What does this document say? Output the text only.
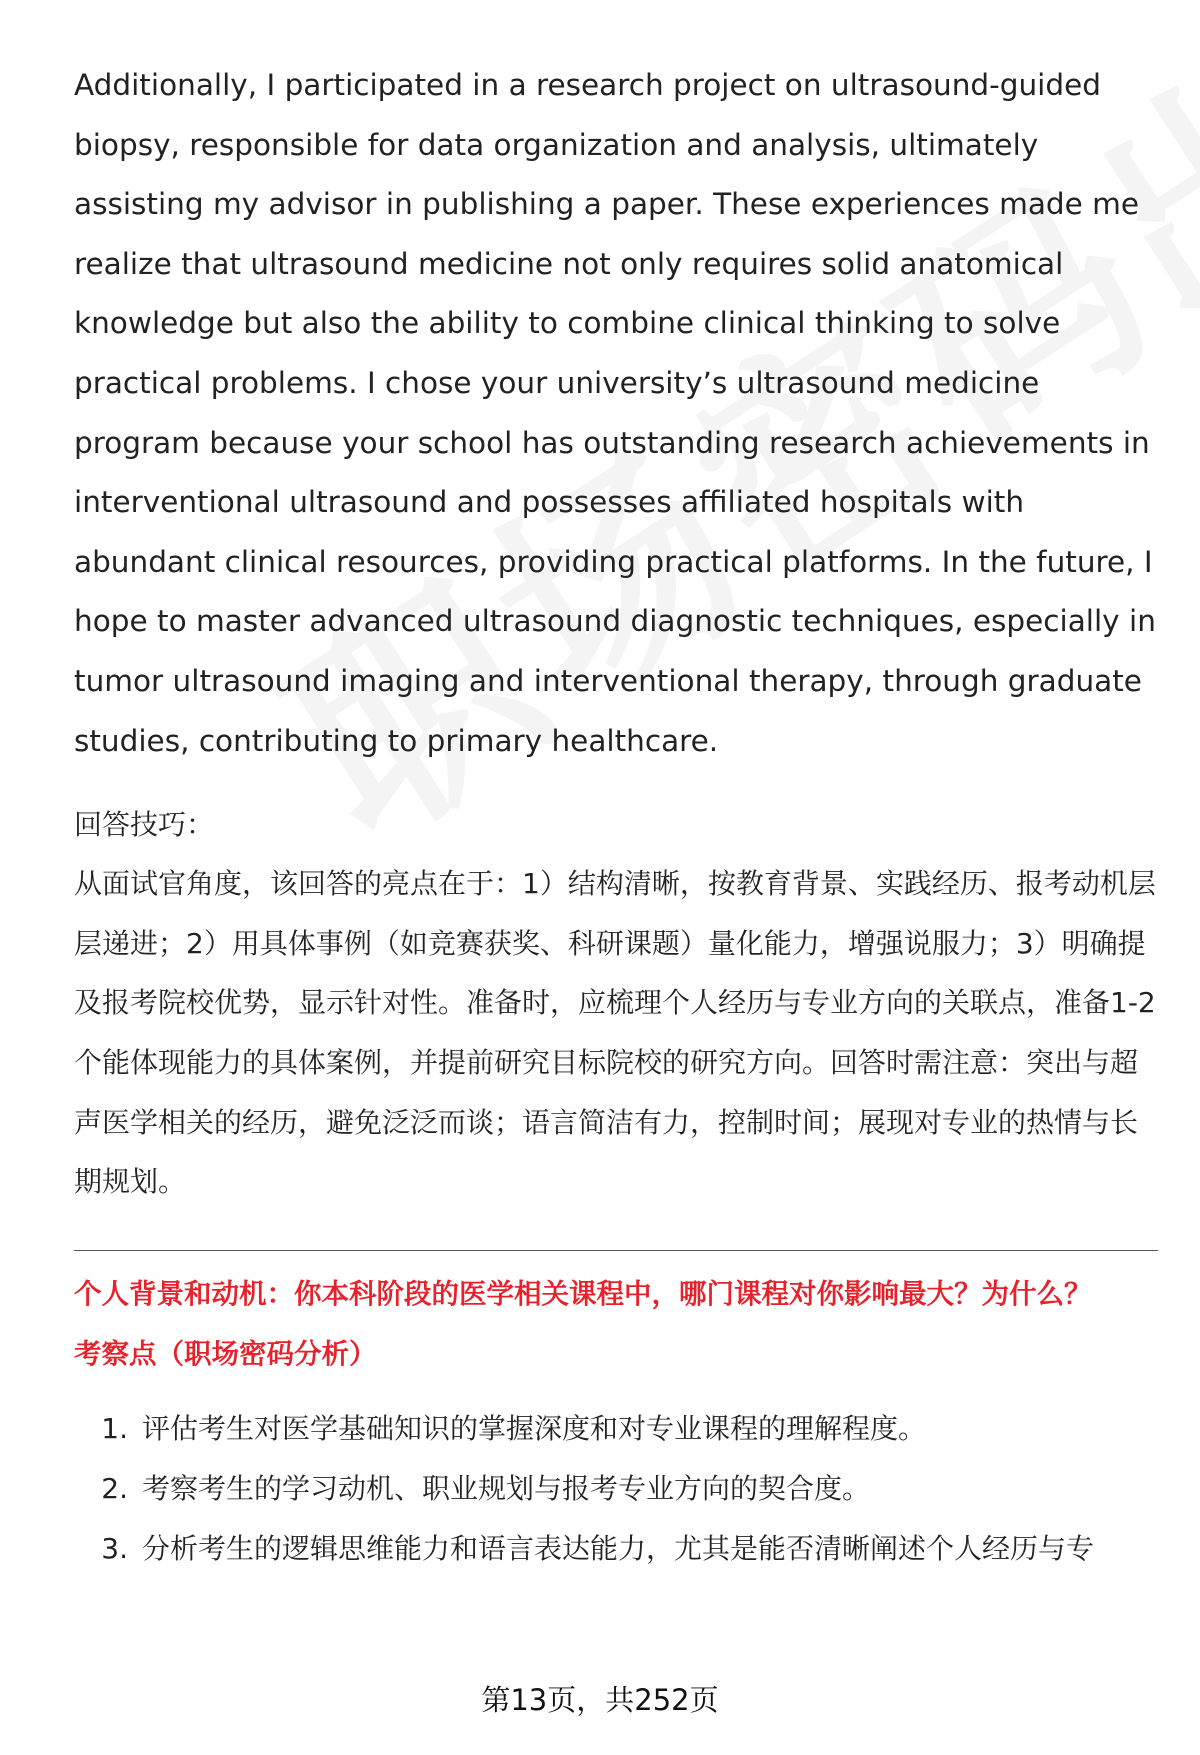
Additionally, I participated in a research project on ultrasound-guided biopsy, responsible for data organization and analysis, ultimately assisting my advisor in publishing a paper. These experiences made me realize that ultrasound medicine not only requires solid anatomical knowledge but also the ability to combine clinical thinking to solve practical problems. I chose your university’s ultrasound medicine program because your school has outstanding research achievements in interventional ultrasound and possesses affiliated hospitals with abundant clinical resources, providing practical platforms. In the future, I hope to master advanced ultrasound diagnostic techniques, especially in tumor ultrasound imaging and interventional therapy, through graduate studies, contributing to primary healthcare.

回答技巧：

从面试官角度，该回答的亮点在于：1）结构清晰，按教育背景、实践经历、报考动机层层递进；2）用具体事例（如竞赛获奖、科研课题）量化能力，增强说服力；3）明确提及报考院校优势，显示针对性。准备时，应梳理个人经历与专业方向的关联点，准备1-2个能体现能力的具体案例，并提前研究目标院校的研究方向。回答时需注意：突出与超声医学相关的经历，避免泛泛而谈；语言简洁有力，控制时间；展现对专业的热情与长期规划。

个人背景和动机：你本科阶段的医学相关课程中，哪门课程对你影响最大？为什么？
考察点（职场密码分析）
1. 评估考生对医学基础知识的掌握深度和对专业课程的理解程度。
2. 考察考生的学习动机、职业规划与报考专业方向的契合度。
3. 分析考生的逻辑思维能力和语言表达能力，尤其是能否清晰阐述个人经历与专
第13页，共252页
